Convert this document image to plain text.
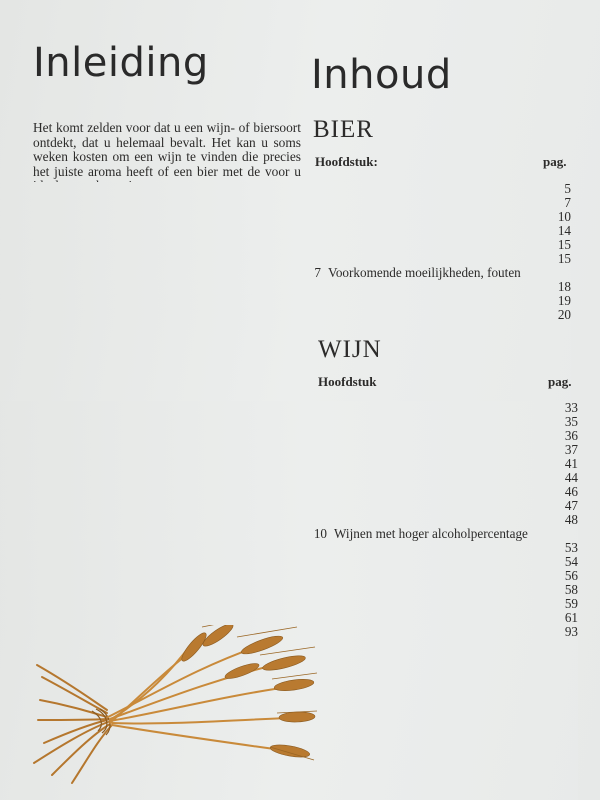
Inleiding	Inhoud

Het komt zelden voor dat u een wijn- of biersoort ontdekt, dat u helemaal bevalt. Het kan u soms weken kosten om een wijn te vinden die precies het juiste aroma heeft of een bier met de voor u

BIER
Hoofdstuk:	pag.
5
7
10
14
15
15
7 Voorkomende moeilijkheden, fouten
18
19
20
WIJN
Hoofdstuk	pag.
33
35
36
37
41
44
46
47
48
10 Wijnen met hoger alcoholpercentage
53
54
56
58
59
61
93
